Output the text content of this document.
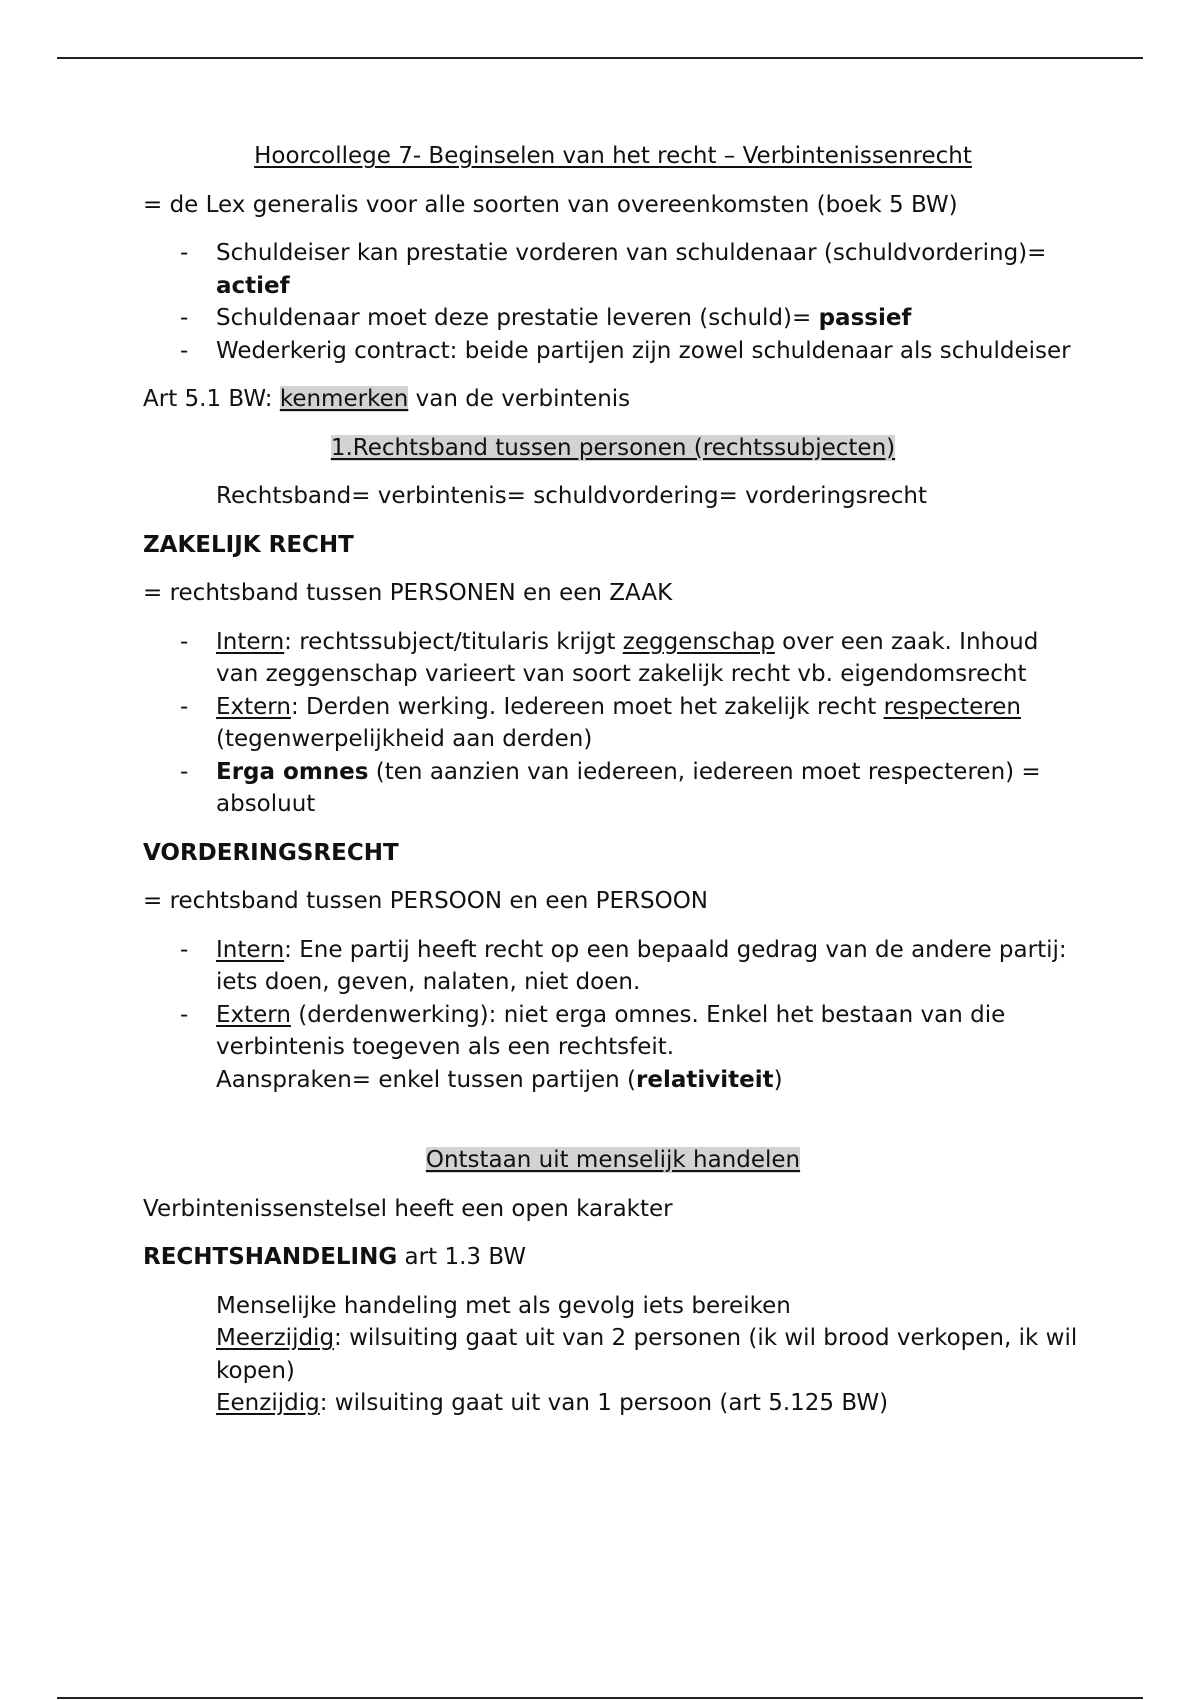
Hoorcollege 7- Beginselen van het recht – Verbintenissenrecht

= de Lex generalis voor alle soorten van overeenkomsten (boek 5 BW)

- Schuldeiser kan prestatie vorderen van schuldenaar (schuldvordering)= actief
- Schuldenaar moet deze prestatie leveren (schuld)= passief
- Wederkerig contract: beide partijen zijn zowel schuldenaar als schuldeiser

Art 5.1 BW: kenmerken van de verbintenis

1.Rechtsband tussen personen (rechtssubjecten)

Rechtsband= verbintenis= schuldvordering= vorderingsrecht

ZAKELIJK RECHT

= rechtsband tussen PERSONEN en een ZAAK

- Intern: rechtssubject/titularis krijgt zeggenschap over een zaak. Inhoud van zeggenschap varieert van soort zakelijk recht vb. eigendomsrecht
- Extern: Derden werking. Iedereen moet het zakelijk recht respecteren (tegenwerpelijkheid aan derden)
- Erga omnes (ten aanzien van iedereen, iedereen moet respecteren) = absoluut

VORDERINGSRECHT

= rechtsband tussen PERSOON en een PERSOON

- Intern: Ene partij heeft recht op een bepaald gedrag van de andere partij: iets doen, geven, nalaten, niet doen.
- Extern (derdenwerking): niet erga omnes. Enkel het bestaan van die verbintenis toegeven als een rechtsfeit.
Aanspraken= enkel tussen partijen (relativiteit)

Ontstaan uit menselijk handelen

Verbintenissenstelsel heeft een open karakter

RECHTSHANDELING art 1.3 BW

Menselijke handeling met als gevolg iets bereiken

Meerzijdig: wilsuiting gaat uit van 2 personen (ik wil brood verkopen, ik wil kopen)

Eenzijdig: wilsuiting gaat uit van 1 persoon (art 5.125 BW)
